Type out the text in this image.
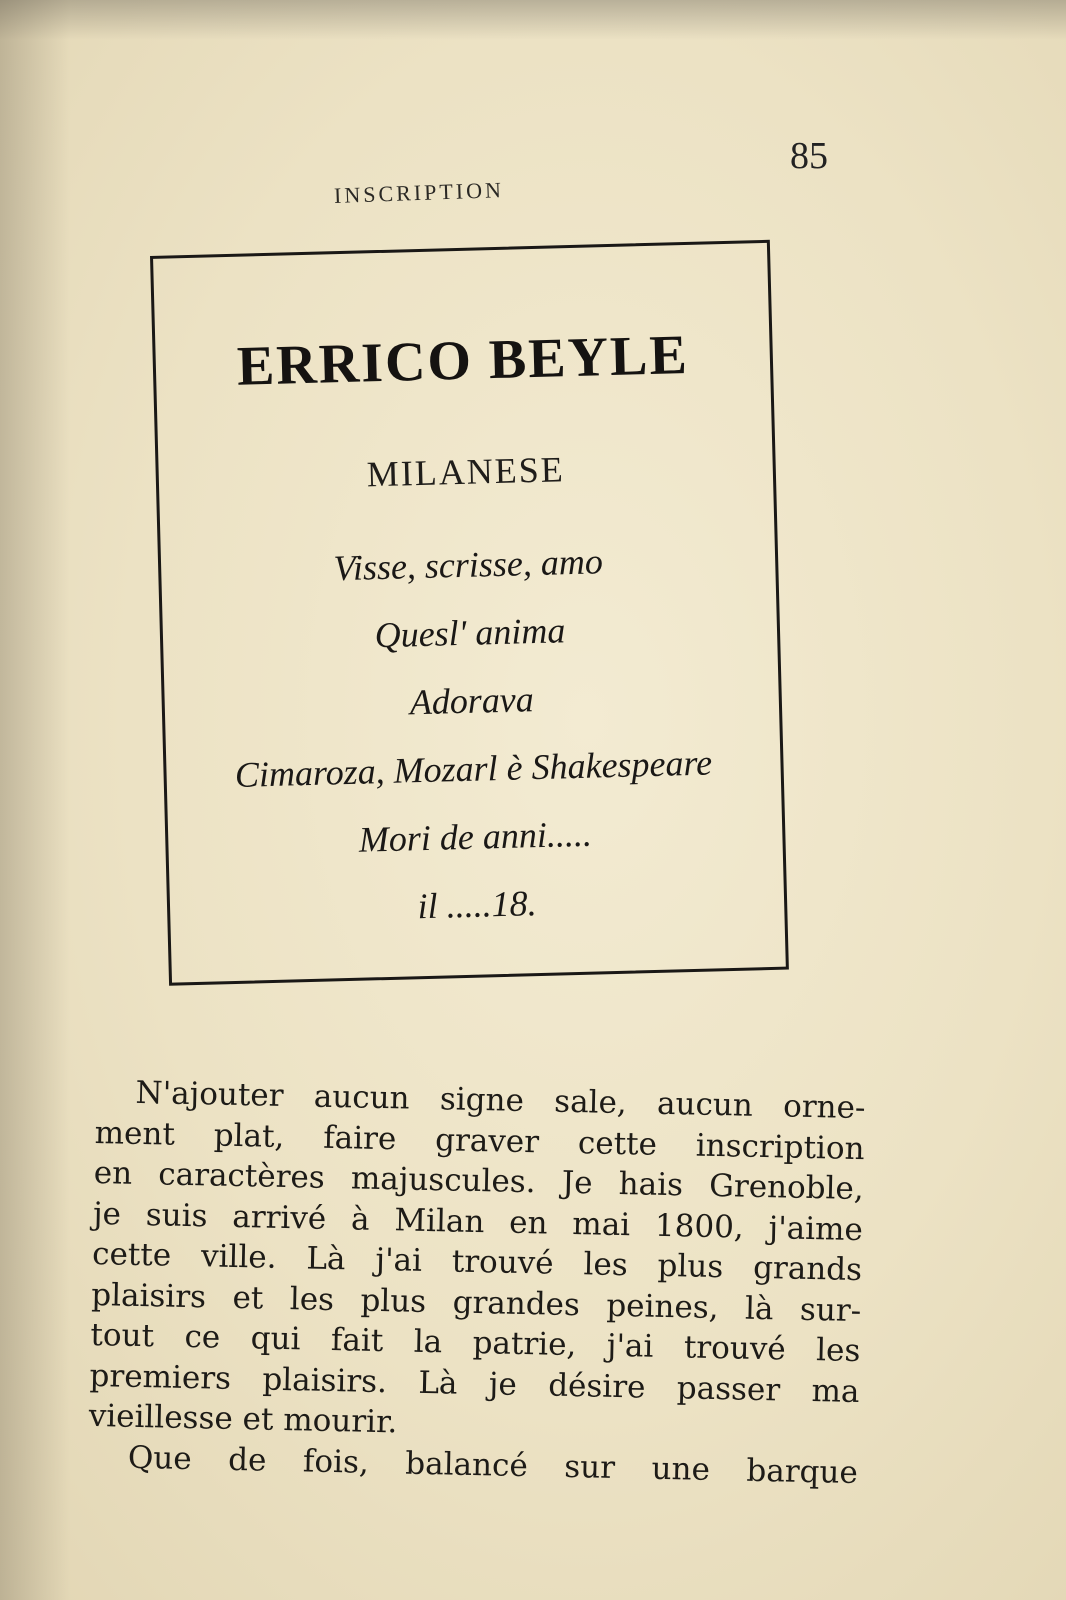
85
INSCRIPTION
ERRICO BEYLE
MILANESE
Visse, scrisse, amo
Quesl' anima
Adorava
Cimaroza, Mozarl è Shakespeare
Mori de anni.....
il .....18.
N'ajouter aucun signe sale, aucun orne-
ment plat, faire graver cette inscription
en caractères majuscules. Je hais Grenoble,
je suis arrivé à Milan en mai 1800, j'aime
cette ville. Là j'ai trouvé les plus grands
plaisirs et les plus grandes peines, là sur-
tout ce qui fait la patrie, j'ai trouvé les
premiers plaisirs. Là je désire passer ma
vieillesse et mourir.
Que de fois, balancé sur une barque
